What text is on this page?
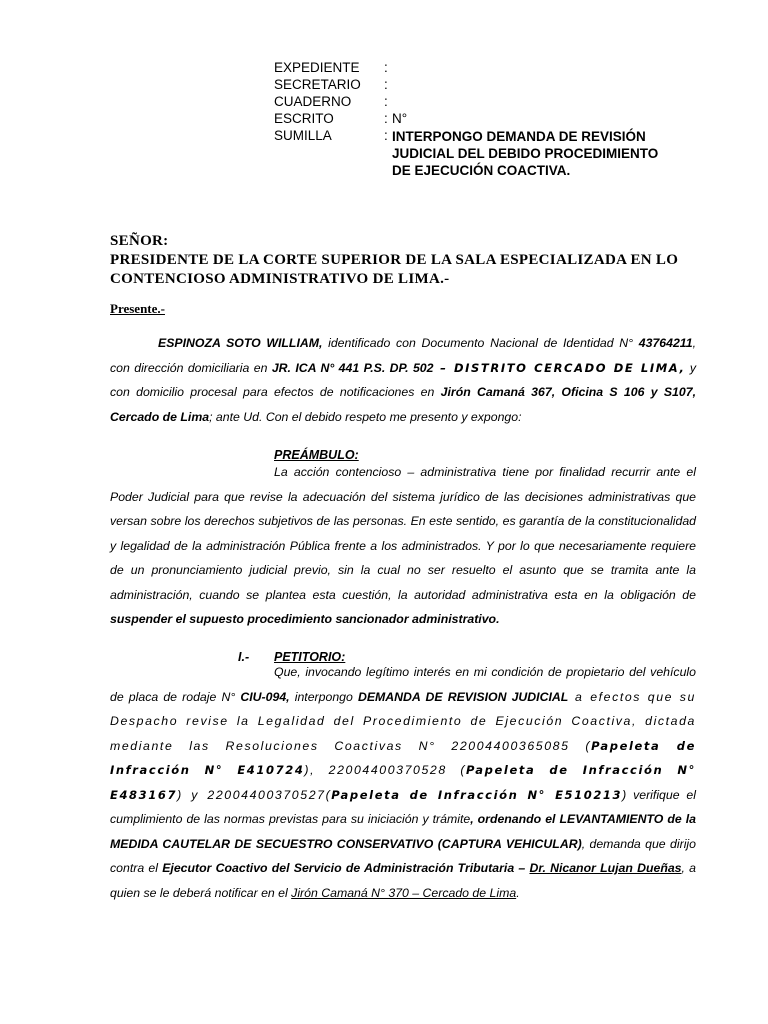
EXPEDIENTE	:
SECRETARIO	:
CUADERNO	:
ESCRITO	: N°
SUMILLA	: INTERPONGO DEMANDA DE REVISIÓN JUDICIAL DEL DEBIDO PROCEDIMIENTO DE EJECUCIÓN COACTIVA.
SEÑOR:
PRESIDENTE DE LA CORTE SUPERIOR DE LA SALA ESPECIALIZADA EN LO CONTENCIOSO ADMINISTRATIVO DE LIMA.-
Presente.-
ESPINOZA SOTO WILLIAM, identificado con Documento Nacional de Identidad N° 43764211, con dirección domiciliaria en JR. ICA N° 441 P.S. DP. 502 – DISTRITO CERCADO DE LIMA, y con domicilio procesal para efectos de notificaciones en Jirón Camaná 367, Oficina S 106 y S107, Cercado de Lima; ante Ud. Con el debido respeto me presento y expongo:
PREÁMBULO:
La acción contencioso – administrativa tiene por finalidad recurrir ante el Poder Judicial para que revise la adecuación del sistema jurídico de las decisiones administrativas que versan sobre los derechos subjetivos de las personas. En este sentido, es garantía de la constitucionalidad y legalidad de la administración Pública frente a los administrados. Y por lo que necesariamente requiere de un pronunciamiento judicial previo, sin la cual no ser resuelto el asunto que se tramita ante la administración, cuando se plantea esta cuestión, la autoridad administrativa esta en la obligación de suspender el supuesto procedimiento sancionador administrativo.
I.- PETITORIO:
Que, invocando legítimo interés en mi condición de propietario del vehículo de placa de rodaje N° CIU-094, interpongo DEMANDA DE REVISION JUDICIAL a efectos que su Despacho revise la Legalidad del Procedimiento de Ejecución Coactiva, dictada mediante las Resoluciones Coactivas N° 22004400365085 (Papeleta de Infracción N° E410724), 22004400370528 (Papeleta de Infracción N° E483167) y 22004400370527(Papeleta de Infracción N° E510213) verifique el cumplimiento de las normas previstas para su iniciación y trámite, ordenando el LEVANTAMIENTO de la MEDIDA CAUTELAR DE SECUESTRO CONSERVATIVO (CAPTURA VEHICULAR), demanda que dirijo contra el Ejecutor Coactivo del Servicio de Administración Tributaria – Dr. Nicanor Lujan Dueñas, a quien se le deberá notificar en el Jirón Camaná N° 370 – Cercado de Lima.
